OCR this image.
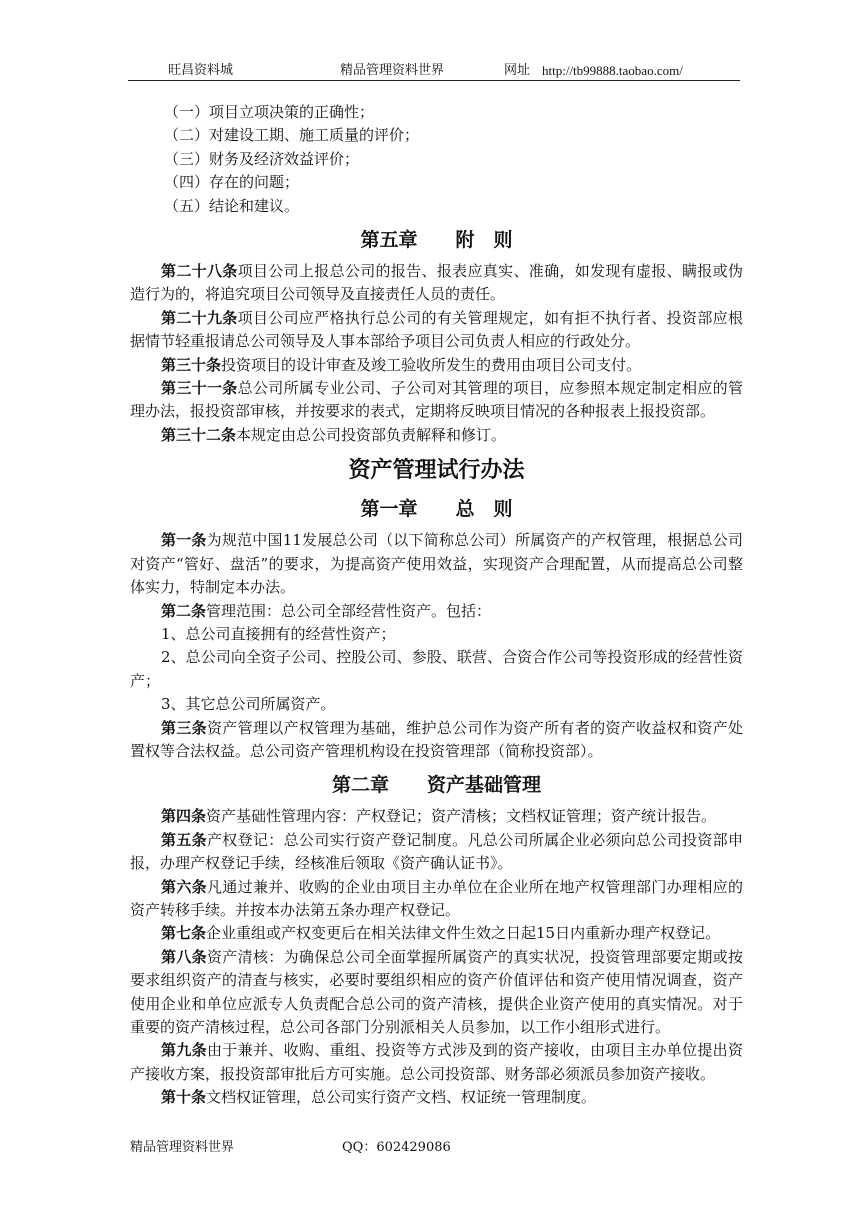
旺昌资料城	精品管理资料世界	网址 http://tb99888.taobao.com/

（一）项目立项决策的正确性；

（二）对建设工期、施工质量的评价；

（三）财务及经济效益评价；

（四）存在的问题；

（五）结论和建议。

第五章　　附　则

第二十八条项目公司上报总公司的报告、报表应真实、准确，如发现有虚报、瞒报或伪造行为的，将追究项目公司领导及直接责任人员的责任。

第二十九条项目公司应严格执行总公司的有关管理规定，如有拒不执行者、投资部应根据情节轻重报请总公司领导及人事本部给予项目公司负责人相应的行政处分。

第三十条投资项目的设计审查及竣工验收所发生的费用由项目公司支付。

第三十一条总公司所属专业公司、子公司对其管理的项目，应参照本规定制定相应的管理办法，报投资部审核，并按要求的表式，定期将反映项目情况的各种报表上报投资部。

第三十二条本规定由总公司投资部负责解释和修订。

资产管理试行办法

第一章　　总　则

第一条为规范中国11发展总公司（以下简称总公司）所属资产的产权管理，根据总公司对资产“管好、盘活”的要求，为提高资产使用效益，实现资产合理配置，从而提高总公司整体实力，特制定本办法。

第二条管理范围：总公司全部经营性资产。包括：

1、总公司直接拥有的经营性资产；

2、总公司向全资子公司、控股公司、参股、联营、合资合作公司等投资形成的经营性资产；

3、其它总公司所属资产。

第三条资产管理以产权管理为基础，维护总公司作为资产所有者的资产收益权和资产处置权等合法权益。总公司资产管理机构设在投资管理部（简称投资部）。

第二章　　资产基础管理

第四条资产基础性管理内容：产权登记；资产清核；文档权证管理；资产统计报告。

第五条产权登记：总公司实行资产登记制度。凡总公司所属企业必须向总公司投资部申报，办理产权登记手续，经核准后领取《资产确认证书》。

第六条凡通过兼并、收购的企业由项目主办单位在企业所在地产权管理部门办理相应的资产转移手续。并按本办法第五条办理产权登记。

第七条企业重组或产权变更后在相关法律文件生效之日起15日内重新办理产权登记。

第八条资产清核：为确保总公司全面掌握所属资产的真实状况，投资管理部要定期或按要求组织资产的清查与核实，必要时要组织相应的资产价值评估和资产使用情况调查，资产使用企业和单位应派专人负责配合总公司的资产清核，提供企业资产使用的真实情况。对于重要的资产清核过程，总公司各部门分别派相关人员参加，以工作小组形式进行。

第九条由于兼并、收购、重组、投资等方式涉及到的资产接收，由项目主办单位提出资产接收方案，报投资部审批后方可实施。总公司投资部、财务部必须派员参加资产接收。

第十条文档权证管理，总公司实行资产文档、权证统一管理制度。

精品管理资料世界	QQ：602429086
